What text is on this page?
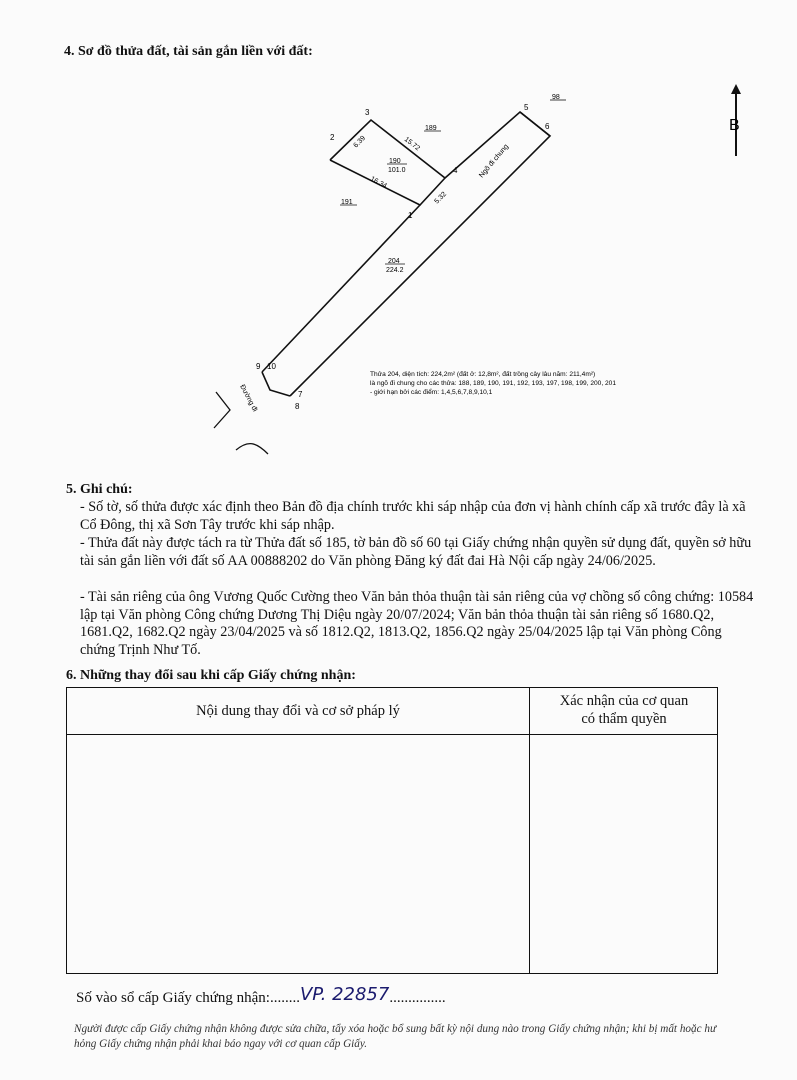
4. Sơ đồ thửa đất, tài sản gắn liền với đất:
1
2
3
4
5
6
7
8
9 10
190
101.0
204
224.2
189
191
98
6.39	15.72
16.34
5.32
Ngõ đi chung
Đường đi
Thửa 204, diện tích: 224,2m² (đất ở: 12,8m², đất trồng cây lâu năm: 211,4m²)
là ngõ đi chung cho các thửa: 188, 189, 190, 191, 192, 193, 197, 198, 199, 200, 201
- giới hạn bởi các điểm: 1,4,5,6,7,8,9,10,1
B
5. Ghi chú:
- Số tờ, số thửa được xác định theo Bản đồ địa chính trước khi sáp nhập của đơn vị hành chính cấp xã trước đây là xã Cổ Đông, thị xã Sơn Tây trước khi sáp nhập.
- Thửa đất này được tách ra từ Thửa đất số 185, tờ bản đồ số 60 tại Giấy chứng nhận quyền sử dụng đất, quyền sở hữu tài sản gắn liền với đất số AA 00888202 do Văn phòng Đăng ký đất đai Hà Nội cấp ngày 24/06/2025.
- Tài sản riêng của ông Vương Quốc Cường theo Văn bản thỏa thuận tài sản riêng của vợ chồng số công chứng: 10584 lập tại Văn phòng Công chứng Dương Thị Diệu ngày 20/07/2024; Văn bản thỏa thuận tài sản riêng số 1680.Q2, 1681.Q2, 1682.Q2 ngày 23/04/2025 và số 1812.Q2, 1813.Q2, 1856.Q2 ngày 25/04/2025 lập tại Văn phòng Công chứng Trịnh Như Tố.
6. Những thay đổi sau khi cấp Giấy chứng nhận:
Nội dung thay đổi và cơ sở pháp lý
Xác nhận của cơ quan
có thẩm quyền
Số vào sổ cấp Giấy chứng nhận:........VP. 22857...............
Người được cấp Giấy chứng nhận không được sửa chữa, tẩy xóa hoặc bổ sung bất kỳ nội dung nào trong Giấy chứng nhận; khi bị mất hoặc hư hỏng Giấy chứng nhận phải khai báo ngay với cơ quan cấp Giấy.
